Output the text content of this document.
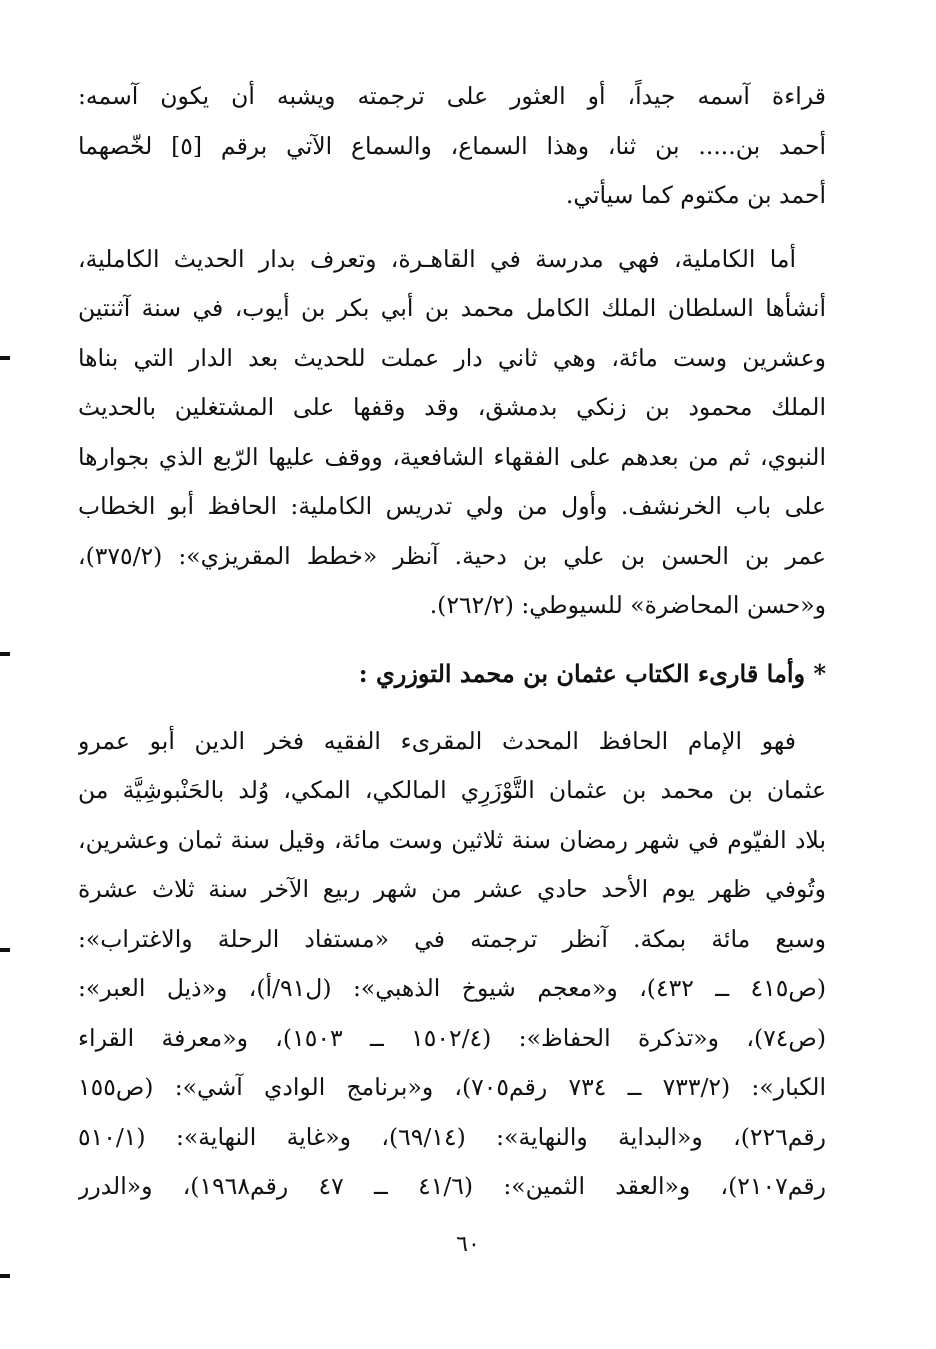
قراءة آسمه جيداً، أو العثور على ترجمته ويشبه أن يكون آسمه:

أحمد بن..... بن ثنا، وهذا السماع، والسماع الآتي برقم [٥] لخّصهما

أحمد بن مكتوم كما سيأتي.

أما الكاملية، فهي مدرسة في القاهـرة، وتعرف بدار الحديث الكاملية،

أنشأها السلطان الملك الكامل محمد بن أبي بكر بن أيوب، في سنة آثنتين

وعشرين وست مائة، وهي ثاني دار عملت للحديث بعد الدار التي بناها

الملك محمود بن زنكي بدمشق، وقد وقفها على المشتغلين بالحديث

النبوي، ثم من بعدهم على الفقهاء الشافعية، ووقف عليها الرّبع الذي بجوارها

على باب الخرنشف. وأول من ولي تدريس الكاملية: الحافظ أبو الخطاب

عمر بن الحسن بن علي بن دحية. آنظر «خطط المقريزي»: (٣٧٥/٢)،

و«حسن المحاضرة» للسيوطي: (٢٦٢/٢).

* وأما قارىء الكتاب عثمان بن محمد التوزري :

فهو الإمام الحافظ المحدث المقرىء الفقيه فخر الدين أبو عمرو

عثمان بن محمد بن عثمان التَّوْزَرِي المالكي، المكي، وُلد بالحَنْبوشِيَّة من

بلاد الفيّوم في شهر رمضان سنة ثلاثين وست مائة، وقيل سنة ثمان وعشرين،

وتُوفي ظهر يوم الأحد حادي عشر من شهر ربيع الآخر سنة ثلاث عشرة

وسبع مائة بمكة. آنظر ترجمته في «مستفاد الرحلة والاغتراب»:

(ص٤١٥ ــ ٤٣٢)، و«معجم شيوخ الذهبي»: (ل٩١/أ)، و«ذيل العبر»:

(ص٧٤)، و«تذكرة الحفاظ»: (١٥٠٢/٤ ــ ١٥٠٣)، و«معرفة القراء

الكبار»: (٧٣٣/٢ ــ ٧٣٤ رقم٧٠٥)، و«برنامج الوادي آشي»: (ص١٥٥

رقم٢٢٦)، و«البداية والنهاية»: (٦٩/١٤)، و«غاية النهاية»: (٥١٠/١

رقم٢١٠٧)، و«العقد الثمين»: (٤١/٦ ــ ٤٧ رقم١٩٦٨)، و«الدرر

٦٠
